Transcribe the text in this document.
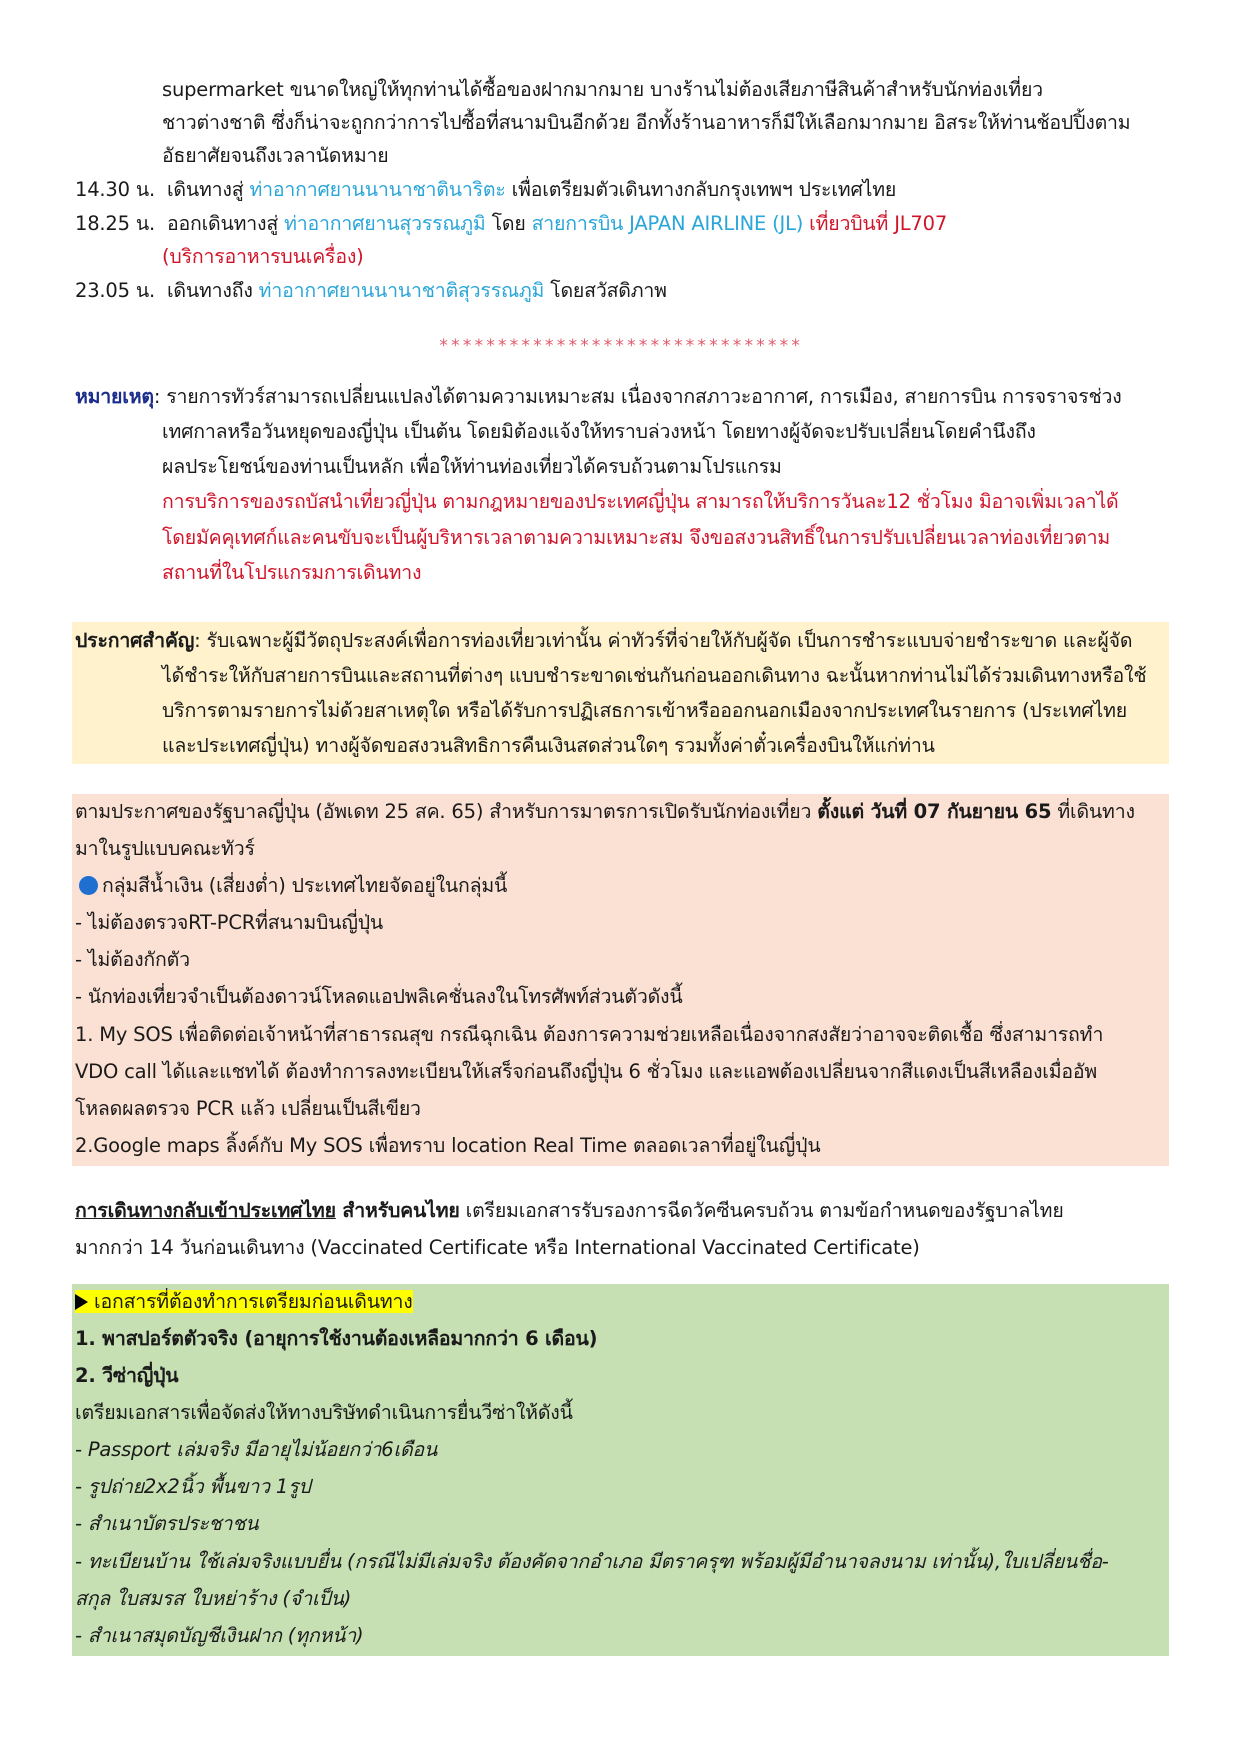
supermarket ขนาดใหญ่ให้ทุกท่านได้ซื้อของฝากมากมาย บางร้านไม่ต้องเสียภาษีสินค้าสำหรับนักท่องเที่ยว
ชาวต่างชาติ ซึ่งก็น่าจะถูกกว่าการไปซื้อที่สนามบินอีกด้วย อีกทั้งร้านอาหารก็มีให้เลือกมากมาย อิสระให้ท่านช้อปปิ้งตาม
อัธยาศัยจนถึงเวลานัดหมาย
14.30 น. เดินทางสู่ ท่าอากาศยานนานาชาตินาริตะ เพื่อเตรียมตัวเดินทางกลับกรุงเทพฯ ประเทศไทย
18.25 น. ออกเดินทางสู่ ท่าอากาศยานสุวรรณภูมิ โดย สายการบิน JAPAN AIRLINE (JL) เที่ยวบินที่ JL707
(บริการอาหารบนเครื่อง)
23.05 น. เดินทางถึง ท่าอากาศยานนานาชาติสุวรรณภูมิ โดยสวัสดิภาพ
*******************************
หมายเหตุ: รายการทัวร์สามารถเปลี่ยนแปลงได้ตามความเหมาะสม เนื่องจากสภาวะอากาศ, การเมือง, สายการบิน การจราจรช่วง
เทศกาลหรือวันหยุดของญี่ปุ่น เป็นต้น โดยมิต้องแจ้งให้ทราบล่วงหน้า โดยทางผู้จัดจะปรับเปลี่ยนโดยคำนึงถึง
ผลประโยชน์ของท่านเป็นหลัก เพื่อให้ท่านท่องเที่ยวได้ครบถ้วนตามโปรแกรม
การบริการของรถบัสนำเที่ยวญี่ปุ่น ตามกฎหมายของประเทศญี่ปุ่น สามารถให้บริการวันละ12 ชั่วโมง มิอาจเพิ่มเวลาได้
โดยมัคคุเทศก์และคนขับจะเป็นผู้บริหารเวลาตามความเหมาะสม จึงขอสงวนสิทธิ์ในการปรับเปลี่ยนเวลาท่องเที่ยวตาม
สถานที่ในโปรแกรมการเดินทาง
ประกาศสำคัญ: รับเฉพาะผู้มีวัตถุประสงค์เพื่อการท่องเที่ยวเท่านั้น ค่าทัวร์ที่จ่ายให้กับผู้จัด เป็นการชำระแบบจ่ายชำระขาด และผู้จัด
ได้ชำระให้กับสายการบินและสถานที่ต่างๆ แบบชำระขาดเช่นกันก่อนออกเดินทาง ฉะนั้นหากท่านไม่ได้ร่วมเดินทางหรือใช้
บริการตามรายการไม่ด้วยสาเหตุใด หรือได้รับการปฏิเสธการเข้าหรือออกนอกเมืองจากประเทศในรายการ (ประเทศไทย
และประเทศญี่ปุ่น) ทางผู้จัดขอสงวนสิทธิการคืนเงินสดส่วนใดๆ รวมทั้งค่าตั๋วเครื่องบินให้แก่ท่าน
ตามประกาศของรัฐบาลญี่ปุ่น (อัพเดท 25 สค. 65) สำหรับการมาตรการเปิดรับนักท่องเที่ยว ตั้งแต่ วันที่ 07 กันยายน 65 ที่เดินทาง
มาในรูปแบบคณะทัวร์
กลุ่มสีน้ำเงิน (เสี่ยงต่ำ) ประเทศไทยจัดอยู่ในกลุ่มนี้
- ไม่ต้องตรวจRT-PCRที่สนามบินญี่ปุ่น
- ไม่ต้องกักตัว
- นักท่องเที่ยวจำเป็นต้องดาวน์โหลดแอปพลิเคชั่นลงในโทรศัพท์ส่วนตัวดังนี้
1. My SOS เพื่อติดต่อเจ้าหน้าที่สาธารณสุข กรณีฉุกเฉิน ต้องการความช่วยเหลือเนื่องจากสงสัยว่าอาจจะติดเชื้อ ซึ่งสามารถทำ
VDO call ได้และแชทได้ ต้องทำการลงทะเบียนให้เสร็จก่อนถึงญี่ปุ่น 6 ชั่วโมง และแอพต้องเปลี่ยนจากสีแดงเป็นสีเหลืองเมื่ออัพ
โหลดผลตรวจ PCR แล้ว เปลี่ยนเป็นสีเขียว
2.Google maps ลิ้งค์กับ My SOS เพื่อทราบ location Real Time ตลอดเวลาที่อยู่ในญี่ปุ่น
การเดินทางกลับเข้าประเทศไทย สำหรับคนไทย เตรียมเอกสารรับรองการฉีดวัคซีนครบถ้วน ตามข้อกำหนดของรัฐบาลไทย
มากกว่า 14 วันก่อนเดินทาง (Vaccinated Certificate หรือ International Vaccinated Certificate)
เอกสารที่ต้องทำการเตรียมก่อนเดินทาง
1. พาสปอร์ตตัวจริง (อายุการใช้งานต้องเหลือมากกว่า 6 เดือน)
2. วีซ่าญี่ปุ่น
เตรียมเอกสารเพื่อจัดส่งให้ทางบริษัทดำเนินการยื่นวีซ่าให้ดังนี้
- Passport เล่มจริง มีอายุไม่น้อยกว่า6เดือน
- รูปถ่าย2x2นิ้ว พื้นขาว 1รูป
- สำเนาบัตรประชาชน
- ทะเบียนบ้าน ใช้เล่มจริงแบบยื่น (กรณีไม่มีเล่มจริง ต้องคัดจากอำเภอ มีตราครุฑ พร้อมผู้มีอำนาจลงนาม เท่านั้น),ใบเปลี่ยนชื่อ-
สกุล ใบสมรส ใบหย่าร้าง (จำเป็น)
- สำเนาสมุดบัญชีเงินฝาก (ทุกหน้า)
